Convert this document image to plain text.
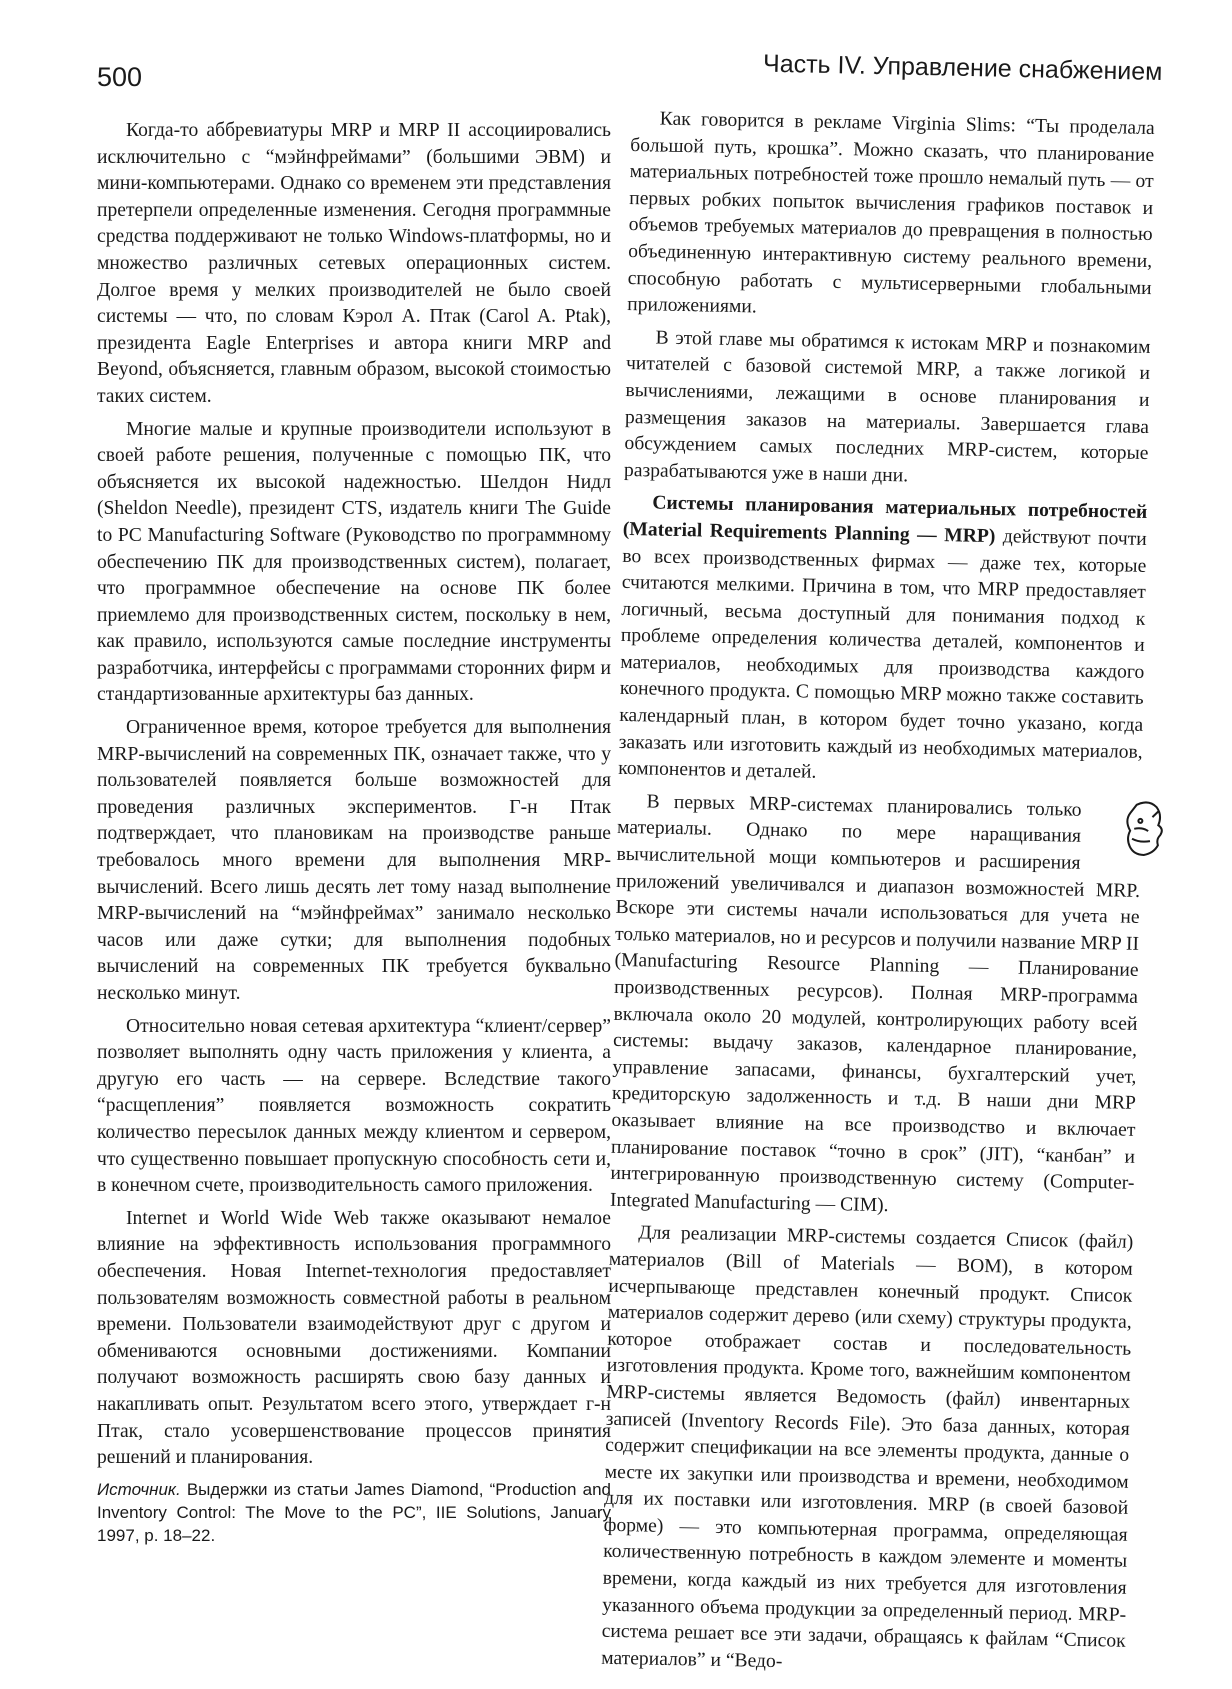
500	Часть IV. Управление снабжением

Когда-то аббревиатуры MRP и MRP II ассоциировались исключительно с “мэйнфреймами” (большими ЭВМ) и мини-компьютерами. Однако со временем эти представления претерпели определенные изменения. Сегодня программные средства поддерживают не только Windows-платформы, но и множество различных сетевых операционных систем. Долгое время у мелких производителей не было своей системы — что, по словам Кэрол А. Птак (Carol A. Ptak), президента Eagle Enterprises и автора книги MRP and Beyond, объясняется, главным образом, высокой стоимостью таких систем.

Многие малые и крупные производители используют в своей работе решения, полученные с помощью ПК, что объясняется их высокой надежностью. Шелдон Нидл (Sheldon Needle), президент CTS, издатель книги The Guide to PC Manufacturing Software (Руководство по программному обеспечению ПК для производственных систем), полагает, что программное обеспечение на основе ПК более приемлемо для производственных систем, поскольку в нем, как правило, используются самые последние инструменты разработчика, интерфейсы с программами сторонних фирм и стандартизованные архитектуры баз данных.

Ограниченное время, которое требуется для выполнения MRP-вычислений на современных ПК, означает также, что у пользователей появляется больше возможностей для проведения различных экспериментов. Г-н Птак подтверждает, что плановикам на производстве раньше требовалось много времени для выполнения MRP-вычислений. Всего лишь десять лет тому назад выполнение MRP-вычислений на “мэйнфреймах” занимало несколько часов или даже сутки; для выполнения подобных вычислений на современных ПК требуется буквально несколько минут.

Относительно новая сетевая архитектура “клиент/сервер” позволяет выполнять одну часть приложения у клиента, а другую его часть — на сервере. Вследствие такого “расщепления” появляется возможность сократить количество пересылок данных между клиентом и сервером, что существенно повышает пропускную способность сети и, в конечном счете, производительность самого приложения.

Internet и World Wide Web также оказывают немалое влияние на эффективность использования программного обеспечения. Новая Internet-технология предоставляет пользователям возможность совместной работы в реальном времени. Пользователи взаимодействуют друг с другом и обмениваются основными достижениями. Компании получают возможность расширять свою базу данных и накапливать опыт. Результатом всего этого, утверждает г-н Птак, стало усовершенствование процессов принятия решений и планирования.

Источник. Выдержки из статьи James Diamond, “Production and Inventory Control: The Move to the PC”, IIE Solutions, January 1997, p. 18–22.

Как говорится в рекламе Virginia Slims: “Ты проделала большой путь, крошка”. Можно сказать, что планирование материальных потребностей тоже прошло немалый путь — от первых робких попыток вычисления графиков поставок и объемов требуемых материалов до превращения в полностью объединенную интерактивную систему реального времени, способную работать с мультисерверными глобальными приложениями.

В этой главе мы обратимся к истокам MRP и познакомим читателей с базовой системой MRP, а также логикой и вычислениями, лежащими в основе планирования и размещения заказов на материалы. Завершается глава обсуждением самых последних MRP-систем, которые разрабатываются уже в наши дни.

Системы планирования материальных потребностей (Material Requirements Planning — MRP) действуют почти во всех производственных фирмах — даже тех, которые считаются мелкими. Причина в том, что MRP предоставляет логичный, весьма доступный для понимания подход к проблеме определения количества деталей, компонентов и материалов, необходимых для производства каждого конечного продукта. С помощью MRP можно также составить календарный план, в котором будет точно указано, когда заказать или изготовить каждый из необходимых материалов, компонентов и деталей.

В первых MRP-системах планировались только материалы. Однако по мере наращивания вычислительной мощи компьютеров и расширения приложений увеличивался и диапазон возможностей MRP. Вскоре эти системы начали использоваться для учета не только материалов, но и ресурсов и получили название MRP II (Manufacturing Resource Planning — Планирование производственных ресурсов). Полная MRP-программа включала около 20 модулей, контролирующих работу всей системы: выдачу заказов, календарное планирование, управление запасами, финансы, бухгалтерский учет, кредиторскую задолженность и т.д. В наши дни MRP оказывает влияние на все производство и включает планирование поставок “точно в срок” (JIT), “канбан” и интегрированную производственную систему (Computer-Integrated Manufacturing — CIM).

Для реализации MRP-системы создается Список (файл) материалов (Bill of Materials — BOM), в котором исчерпывающе представлен конечный продукт. Список материалов содержит дерево (или схему) структуры продукта, которое отображает состав и последовательность изготовления продукта. Кроме того, важнейшим компонентом MRP-системы является Ведомость (файл) инвентарных записей (Inventory Records File). Это база данных, которая содержит спецификации на все элементы продукта, данные о месте их закупки или производства и времени, необходимом для их поставки или изготовления. MRP (в своей базовой форме) — это компьютерная программа, определяющая количественную потребность в каждом элементе и моменты времени, когда каждый из них требуется для изготовления указанного объема продукции за определенный период. MRP-система решает все эти задачи, обращаясь к файлам “Список материалов” и “Ведо-
